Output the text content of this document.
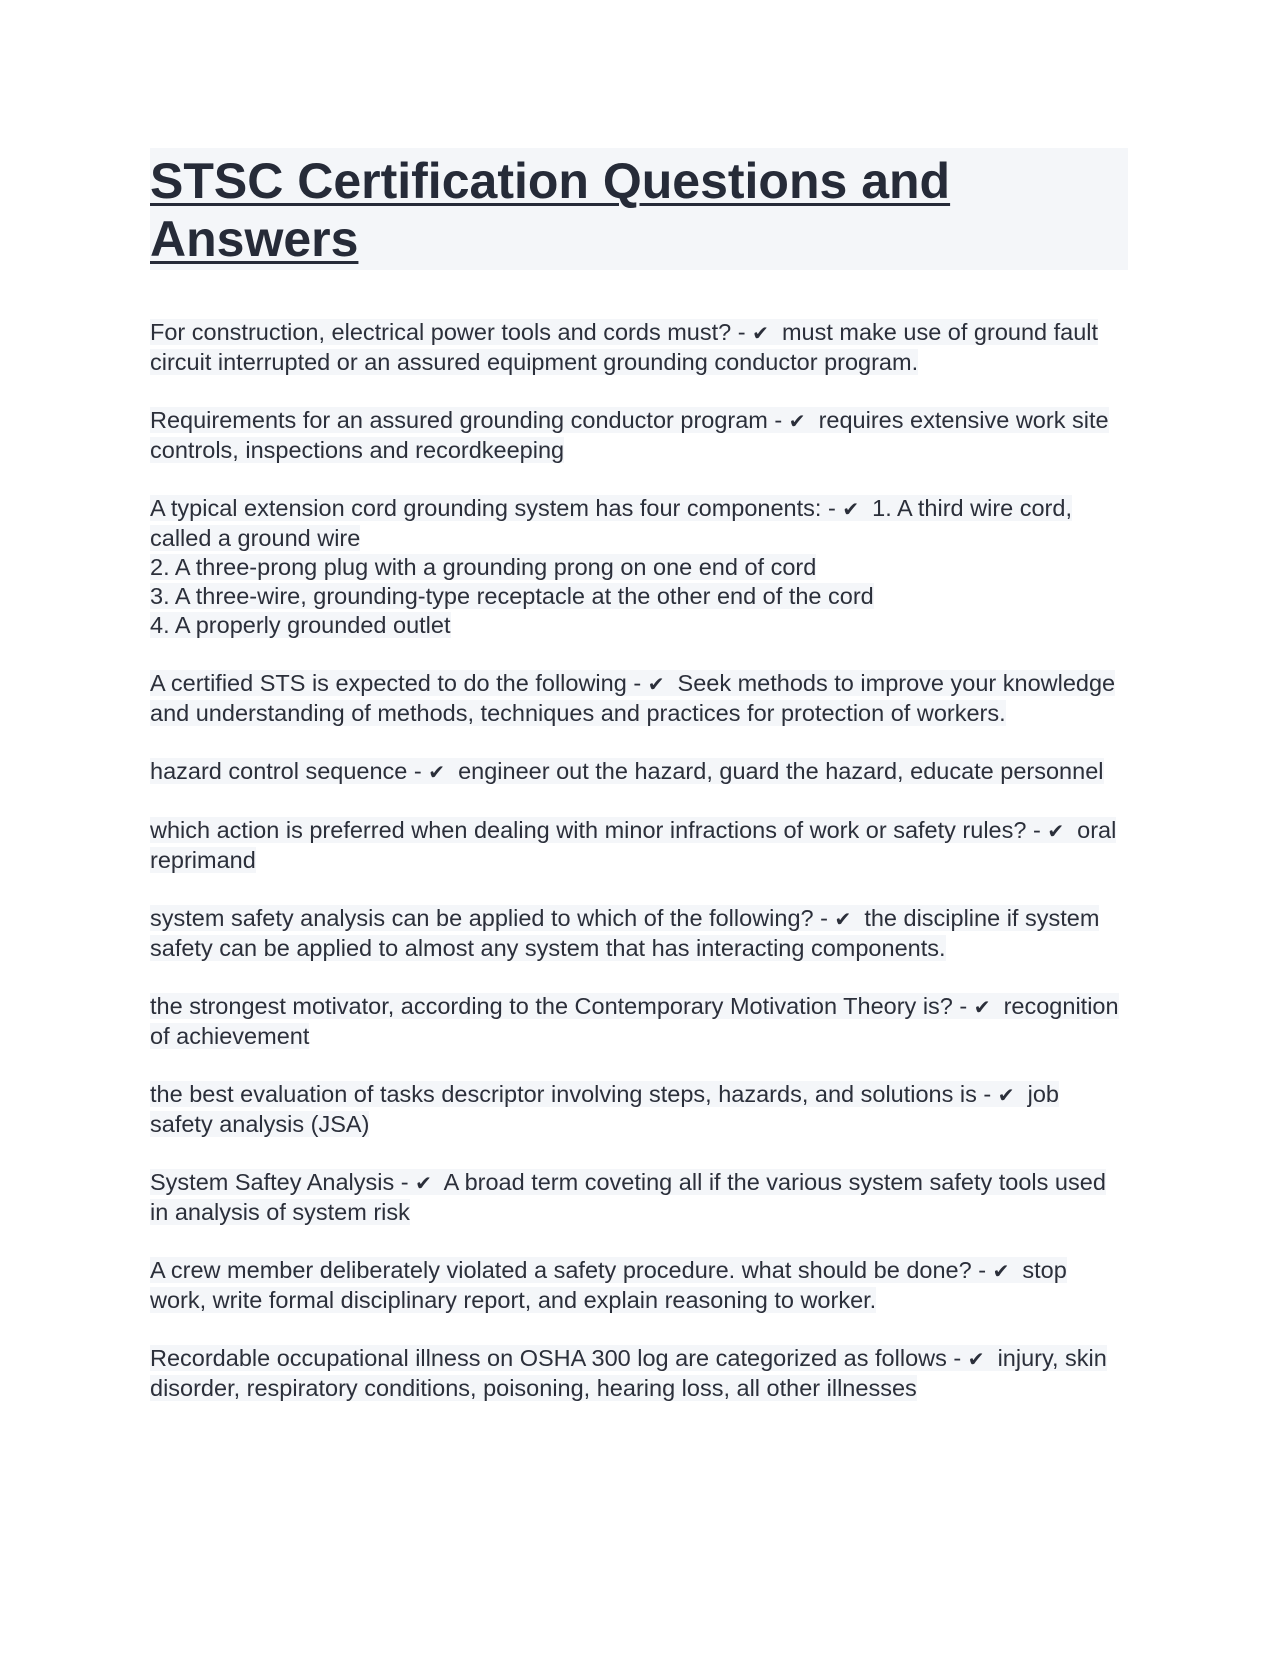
STSC Certification Questions and Answers

For construction, electrical power tools and cords must? - ✔ must make use of ground fault circuit interrupted or an assured equipment grounding conductor program.

Requirements for an assured grounding conductor program - ✔ requires extensive work site controls, inspections and recordkeeping

A typical extension cord grounding system has four components: - ✔ 1. A third wire cord, called a ground wire
2. A three-prong plug with a grounding prong on one end of cord
3. A three-wire, grounding-type receptacle at the other end of the cord
4. A properly grounded outlet

A certified STS is expected to do the following - ✔ Seek methods to improve your knowledge and understanding of methods, techniques and practices for protection of workers.

hazard control sequence - ✔ engineer out the hazard, guard the hazard, educate personnel

which action is preferred when dealing with minor infractions of work or safety rules? - ✔ oral reprimand

system safety analysis can be applied to which of the following? - ✔ the discipline if system safety can be applied to almost any system that has interacting components.

the strongest motivator, according to the Contemporary Motivation Theory is? - ✔ recognition of achievement

the best evaluation of tasks descriptor involving steps, hazards, and solutions is - ✔ job safety analysis (JSA)

System Saftey Analysis - ✔ A broad term coveting all if the various system safety tools used in analysis of system risk

A crew member deliberately violated a safety procedure. what should be done? - ✔ stop work, write formal disciplinary report, and explain reasoning to worker.

Recordable occupational illness on OSHA 300 log are categorized as follows - ✔ injury, skin disorder, respiratory conditions, poisoning, hearing loss, all other illnesses
